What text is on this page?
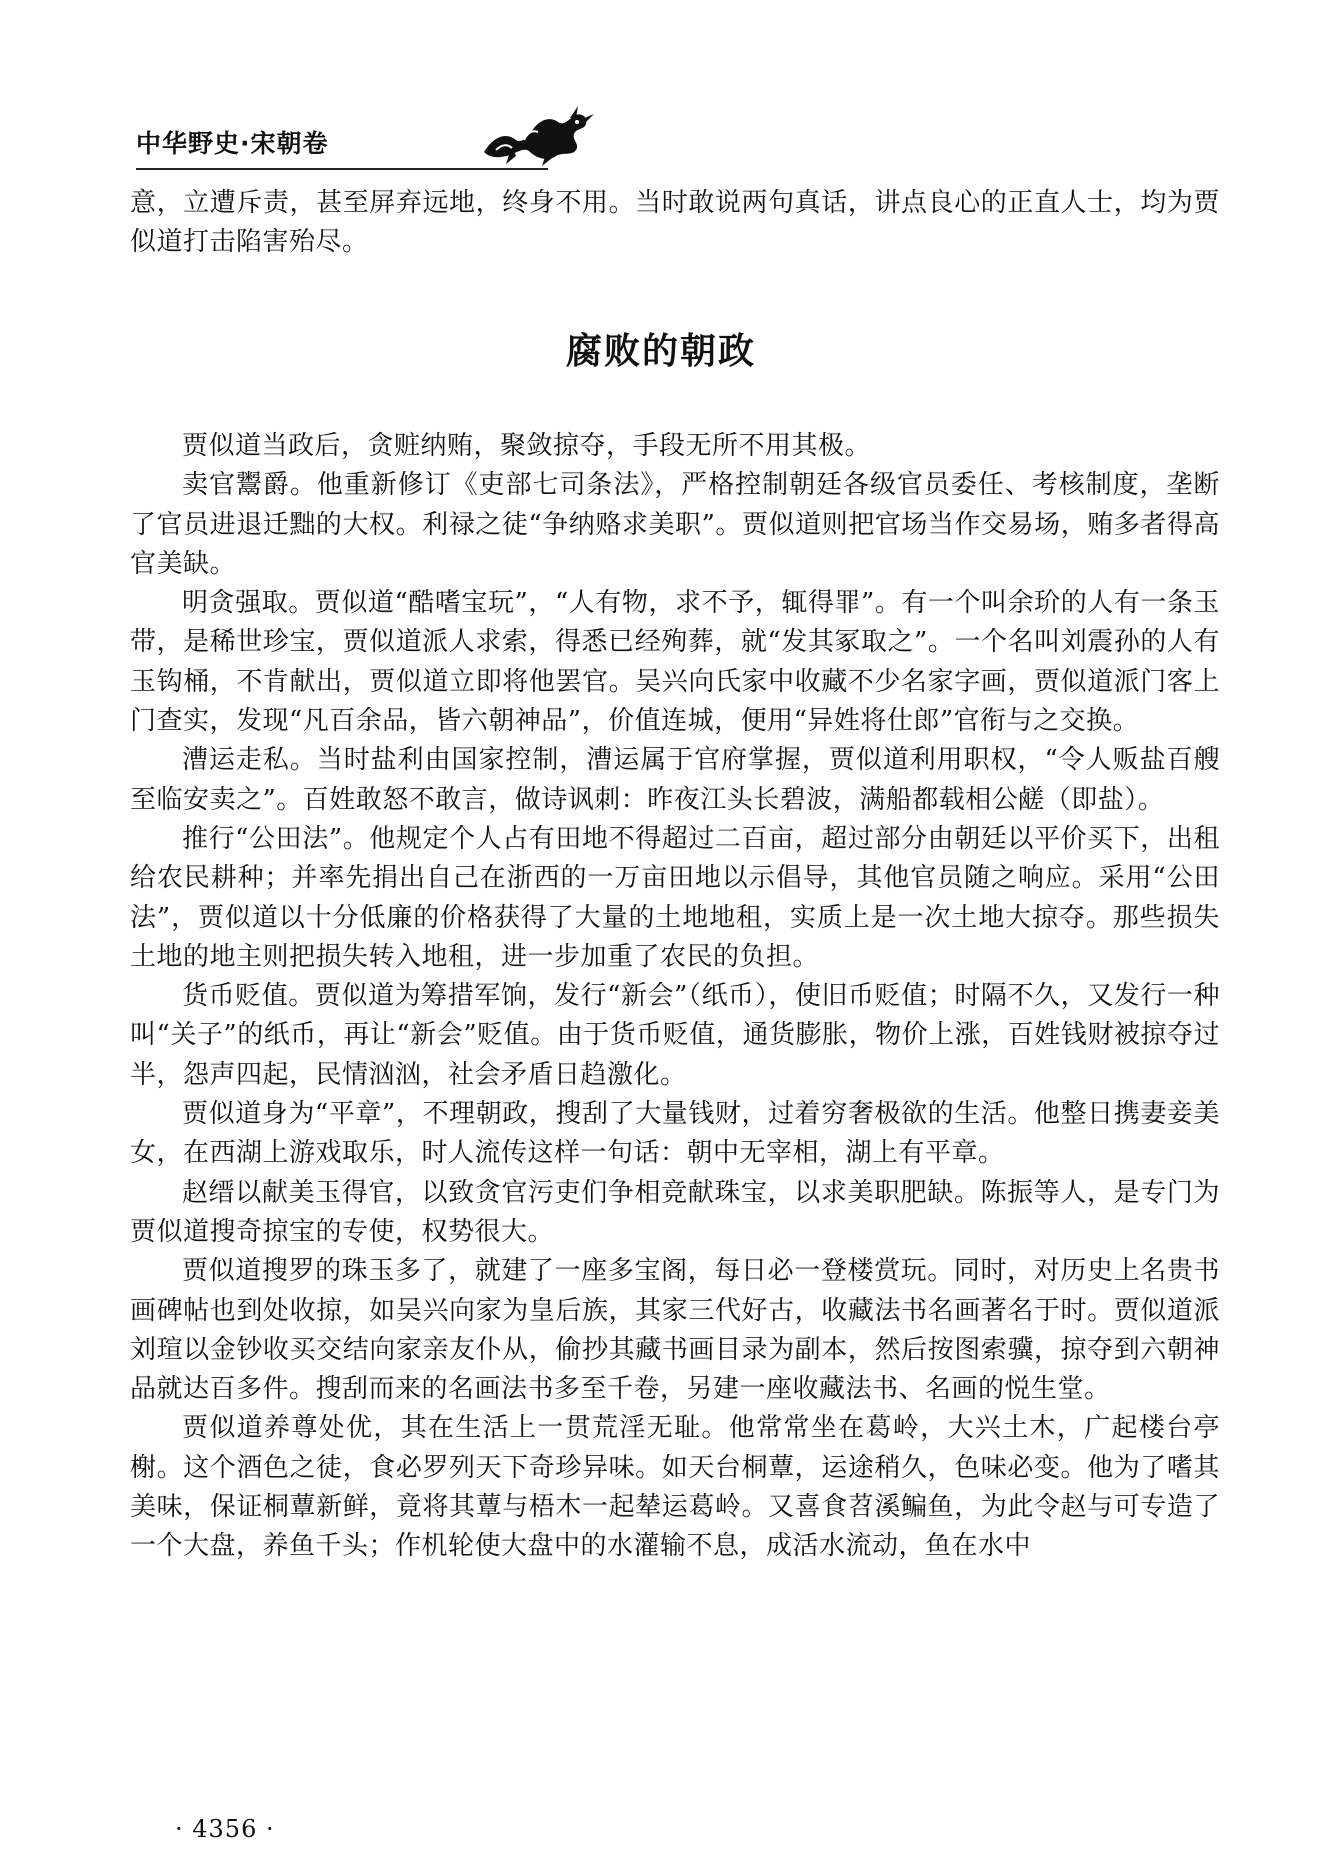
中华野史·宋朝卷

意，立遭斥责，甚至屏弃远地，终身不用。当时敢说两句真话，讲点良心的正直人士，均为贾似道打击陷害殆尽。

腐败的朝政

贾似道当政后，贪赃纳贿，聚敛掠夺，手段无所不用其极。

卖官鬻爵。他重新修订《吏部七司条法》，严格控制朝廷各级官员委任、考核制度，垄断了官员进退迁黜的大权。利禄之徒“争纳赂求美职”。贾似道则把官场当作交易场，贿多者得高官美缺。

明贪强取。贾似道“酷嗜宝玩”，“人有物，求不予，辄得罪”。有一个叫余玠的人有一条玉带，是稀世珍宝，贾似道派人求索，得悉已经殉葬，就“发其冢取之”。一个名叫刘震孙的人有玉钩桶，不肯献出，贾似道立即将他罢官。吴兴向氏家中收藏不少名家字画，贾似道派门客上门查实，发现“凡百余品，皆六朝神品”，价值连城，便用“异姓将仕郎”官衔与之交换。

漕运走私。当时盐利由国家控制，漕运属于官府掌握，贾似道利用职权，“令人贩盐百艘至临安卖之”。百姓敢怒不敢言，做诗讽刺：昨夜江头长碧波，满船都载相公鹾（即盐）。

推行“公田法”。他规定个人占有田地不得超过二百亩，超过部分由朝廷以平价买下，出租给农民耕种；并率先捐出自己在浙西的一万亩田地以示倡导，其他官员随之响应。采用“公田法”，贾似道以十分低廉的价格获得了大量的土地地租，实质上是一次土地大掠夺。那些损失土地的地主则把损失转入地租，进一步加重了农民的负担。

货币贬值。贾似道为筹措军饷，发行“新会”（纸币），使旧币贬值；时隔不久，又发行一种叫“关子”的纸币，再让“新会”贬值。由于货币贬值，通货膨胀，物价上涨，百姓钱财被掠夺过半，怨声四起，民情汹汹，社会矛盾日趋激化。

贾似道身为“平章”，不理朝政，搜刮了大量钱财，过着穷奢极欲的生活。他整日携妻妾美女，在西湖上游戏取乐，时人流传这样一句话：朝中无宰相，湖上有平章。

赵缙以献美玉得官，以致贪官污吏们争相竞献珠宝，以求美职肥缺。陈振等人，是专门为贾似道搜奇掠宝的专使，权势很大。

贾似道搜罗的珠玉多了，就建了一座多宝阁，每日必一登楼赏玩。同时，对历史上名贵书画碑帖也到处收掠，如吴兴向家为皇后族，其家三代好古，收藏法书名画著名于时。贾似道派刘瑄以金钞收买交结向家亲友仆从，偷抄其藏书画目录为副本，然后按图索骥，掠夺到六朝神品就达百多件。搜刮而来的名画法书多至千卷，另建一座收藏法书、名画的悦生堂。

贾似道养尊处优，其在生活上一贯荒淫无耻。他常常坐在葛岭，大兴土木，广起楼台亭榭。这个酒色之徒，食必罗列天下奇珍异味。如天台桐蕈，运途稍久，色味必变。他为了嗜其美味，保证桐蕈新鲜，竟将其蕈与梧木一起辇运葛岭。又喜食苕溪鳊鱼，为此令赵与可专造了一个大盘，养鱼千头；作机轮使大盘中的水灌输不息，成活水流动，鱼在水中

· 4356 ·
